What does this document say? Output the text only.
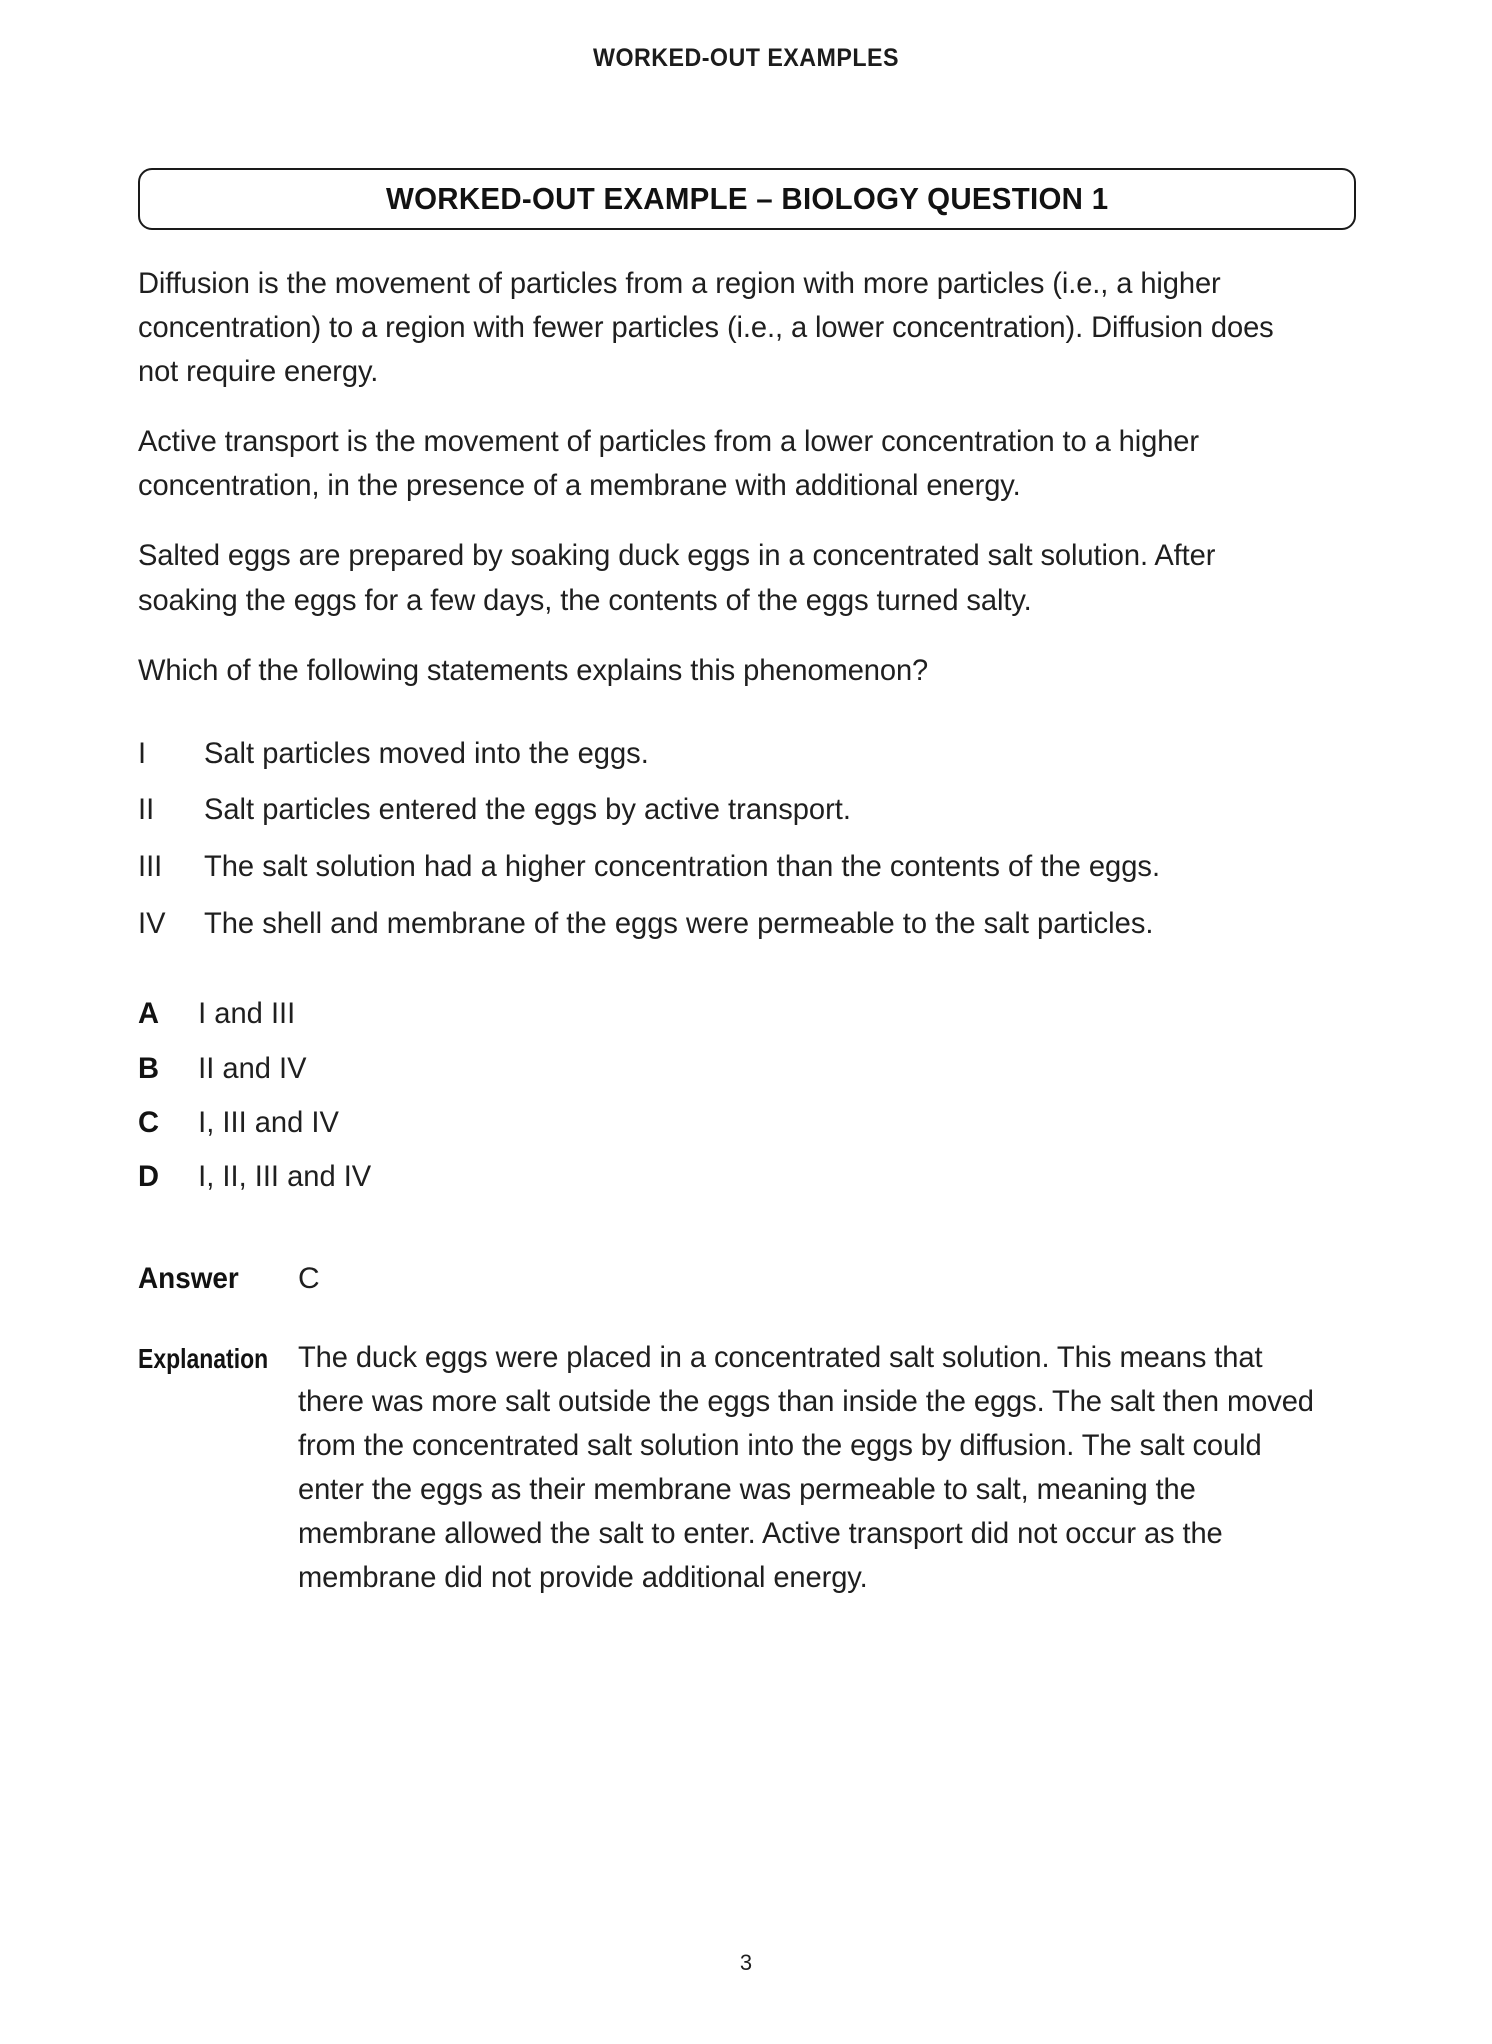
WORKED-OUT EXAMPLES
WORKED-OUT EXAMPLE – BIOLOGY QUESTION 1

Diffusion is the movement of particles from a region with more particles (i.e., a higher concentration) to a region with fewer particles (i.e., a lower concentration). Diffusion does not require energy.

Active transport is the movement of particles from a lower concentration to a higher concentration, in the presence of a membrane with additional energy.

Salted eggs are prepared by soaking duck eggs in a concentrated salt solution. After soaking the eggs for a few days, the contents of the eggs turned salty.

Which of the following statements explains this phenomenon?

I	Salt particles moved into the eggs.
II	Salt particles entered the eggs by active transport.
III	The salt solution had a higher concentration than the contents of the eggs.
IV	The shell and membrane of the eggs were permeable to the salt particles.
A	I and III
B	II and IV
C	I, III and IV
D	I, II, III and IV
Answer	C
Explanation The duck eggs were placed in a concentrated salt solution. This means that there was more salt outside the eggs than inside the eggs. The salt then moved from the concentrated salt solution into the eggs by diffusion. The salt could enter the eggs as their membrane was permeable to salt, meaning the membrane allowed the salt to enter. Active transport did not occur as the membrane did not provide additional energy.
3
